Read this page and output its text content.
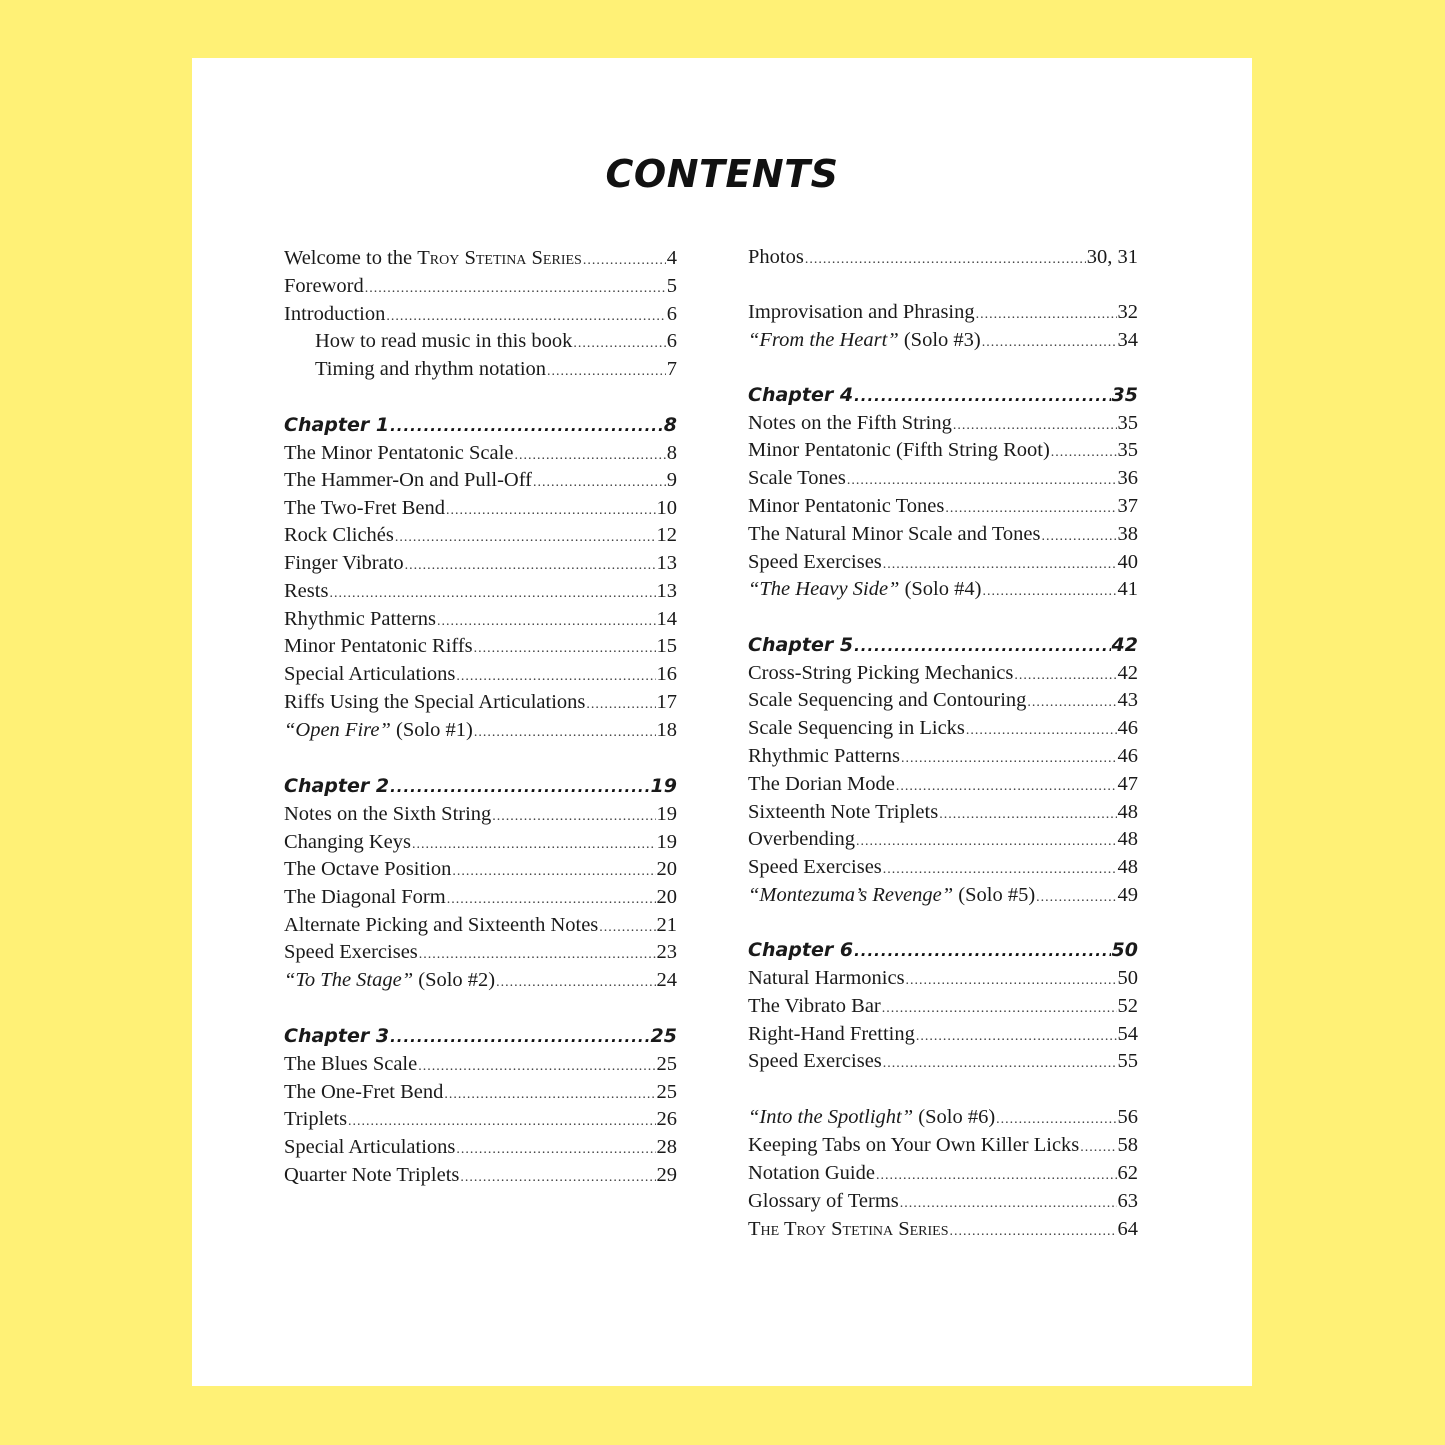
CONTENTS
Welcome to the Troy Stetina Series .....	4
Foreword .....	5
Introduction .....	6
How to read music in this book .....	6
Timing and rhythm notation .....	7
Chapter 1 .....	8
The Minor Pentatonic Scale .....	8
The Hammer-On and Pull-Off .....	9
The Two-Fret Bend .....	10
Rock Clichés .....	12
Finger Vibrato .....	13
Rests .....	13
Rhythmic Patterns .....	14
Minor Pentatonic Riffs .....	15
Special Articulations .....	16
Riffs Using the Special Articulations .....	17
“Open Fire” (Solo #1) .....	18
Chapter 2 .....	19
Notes on the Sixth String .....	19
Changing Keys .....	19
The Octave Position .....	20
The Diagonal Form .....	20
Alternate Picking and Sixteenth Notes .....	21
Speed Exercises .....	23
“To The Stage” (Solo #2) .....	24
Chapter 3 .....	25
The Blues Scale .....	25
The One-Fret Bend .....	25
Triplets .....	26
Special Articulations .....	28
Quarter Note Triplets .....	29
Photos .....	30, 31
Improvisation and Phrasing .....	32
“From the Heart” (Solo #3) .....	34
Chapter 4 .....	35
Notes on the Fifth String .....	35
Minor Pentatonic (Fifth String Root) .....	35
Scale Tones .....	36
Minor Pentatonic Tones .....	37
The Natural Minor Scale and Tones .....	38
Speed Exercises .....	40
“The Heavy Side” (Solo #4) .....	41
Chapter 5 .....	42
Cross-String Picking Mechanics .....	42
Scale Sequencing and Contouring .....	43
Scale Sequencing in Licks .....	46
Rhythmic Patterns .....	46
The Dorian Mode .....	47
Sixteenth Note Triplets .....	48
Overbending .....	48
Speed Exercises .....	48
“Montezuma’s Revenge” (Solo #5) .....	49
Chapter 6 .....	50
Natural Harmonics .....	50
The Vibrato Bar .....	52
Right-Hand Fretting .....	54
Speed Exercises .....	55
“Into the Spotlight” (Solo #6) .....	56
Keeping Tabs on Your Own Killer Licks ..... 58
Notation Guide .....	62
Glossary of Terms .....	63
The Troy Stetina Series .....	64
